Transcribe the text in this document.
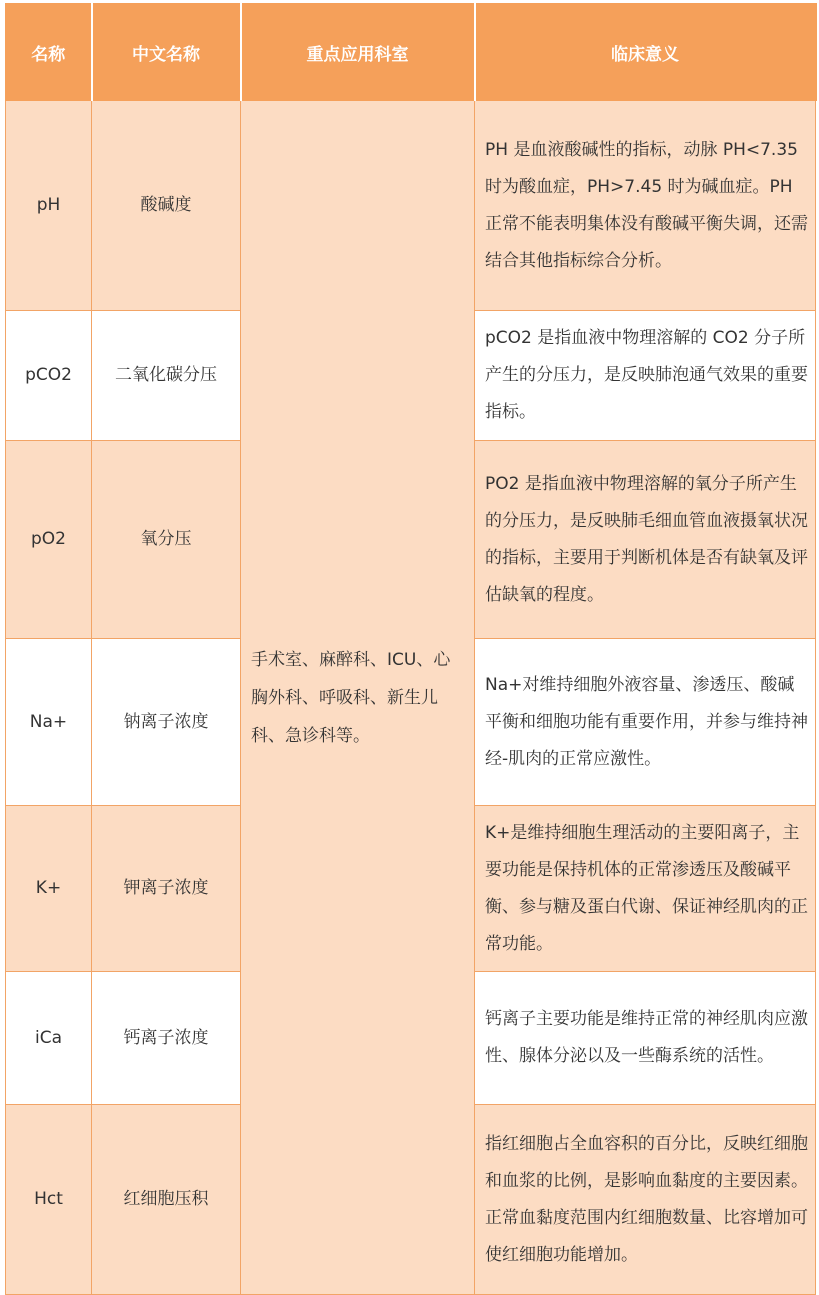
名称	中文名称	重点应用科室	临床意义
pH	酸碱度	手术室、麻醉科、ICU、心胸外科、呼吸科、新生儿科、急诊科等。	PH 是血液酸碱性的指标，动脉 PH<7.35 时为酸血症，PH>7.45 时为碱血症。PH 正常不能表明集体没有酸碱平衡失调，还需结合其他指标综合分析。
pCO2	二氧化碳分压		pCO2 是指血液中物理溶解的 CO2 分子所产生的分压力，是反映肺泡通气效果的重要指标。
pO2	氧分压		PO2 是指血液中物理溶解的氧分子所产生的分压力，是反映肺毛细血管血液摄氧状况的指标，主要用于判断机体是否有缺氧及评估缺氧的程度。
Na+	钠离子浓度		Na+对维持细胞外液容量、渗透压、酸碱平衡和细胞功能有重要作用，并参与维持神经-肌肉的正常应激性。
K+	钾离子浓度		K+是维持细胞生理活动的主要阳离子，主要功能是保持机体的正常渗透压及酸碱平衡、参与糖及蛋白代谢、保证神经肌肉的正常功能。
iCa	钙离子浓度		钙离子主要功能是维持正常的神经肌肉应激性、腺体分泌以及一些酶系统的活性。
Hct	红细胞压积		指红细胞占全血容积的百分比，反映红细胞和血浆的比例，是影响血黏度的主要因素。正常血黏度范围内红细胞数量、比容增加可使红细胞功能增加。
